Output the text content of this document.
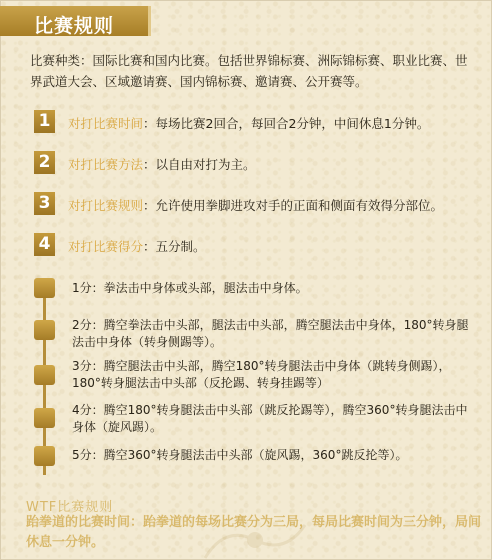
比赛规则
比赛种类：国际比赛和国内比赛。包括世界锦标赛、洲际锦标赛、职业比赛、世界武道大会、区域邀请赛、国内锦标赛、邀请赛、公开赛等。
1	对打比赛时间：每场比赛2回合，每回合2分钟，中间休息1分钟。
2	对打比赛方法：以自由对打为主。
3	对打比赛规则：允许使用拳脚进攻对手的正面和侧面有效得分部位。
4	对打比赛得分：五分制。
1分：拳法击中身体或头部，腿法击中身体。
2分：腾空拳法击中头部，腿法击中头部，腾空腿法击中身体，180°转身腿法击中身体（转身侧踢等）。
3分：腾空腿法击中头部，腾空180°转身腿法击中身体（跳转身侧踢），180°转身腿法击中头部（反抡踢、转身挂踢等）
4分：腾空180°转身腿法击中头部（跳反抡踢等），腾空360°转身腿法击中身体（旋风踢）。
5分：腾空360°转身腿法击中头部（旋风踢，360°跳反抡等）。
WTF比赛规则
跆拳道的比赛时间：跆拳道的每场比赛分为三局，每局比赛时间为三分钟，局间休息一分钟。
